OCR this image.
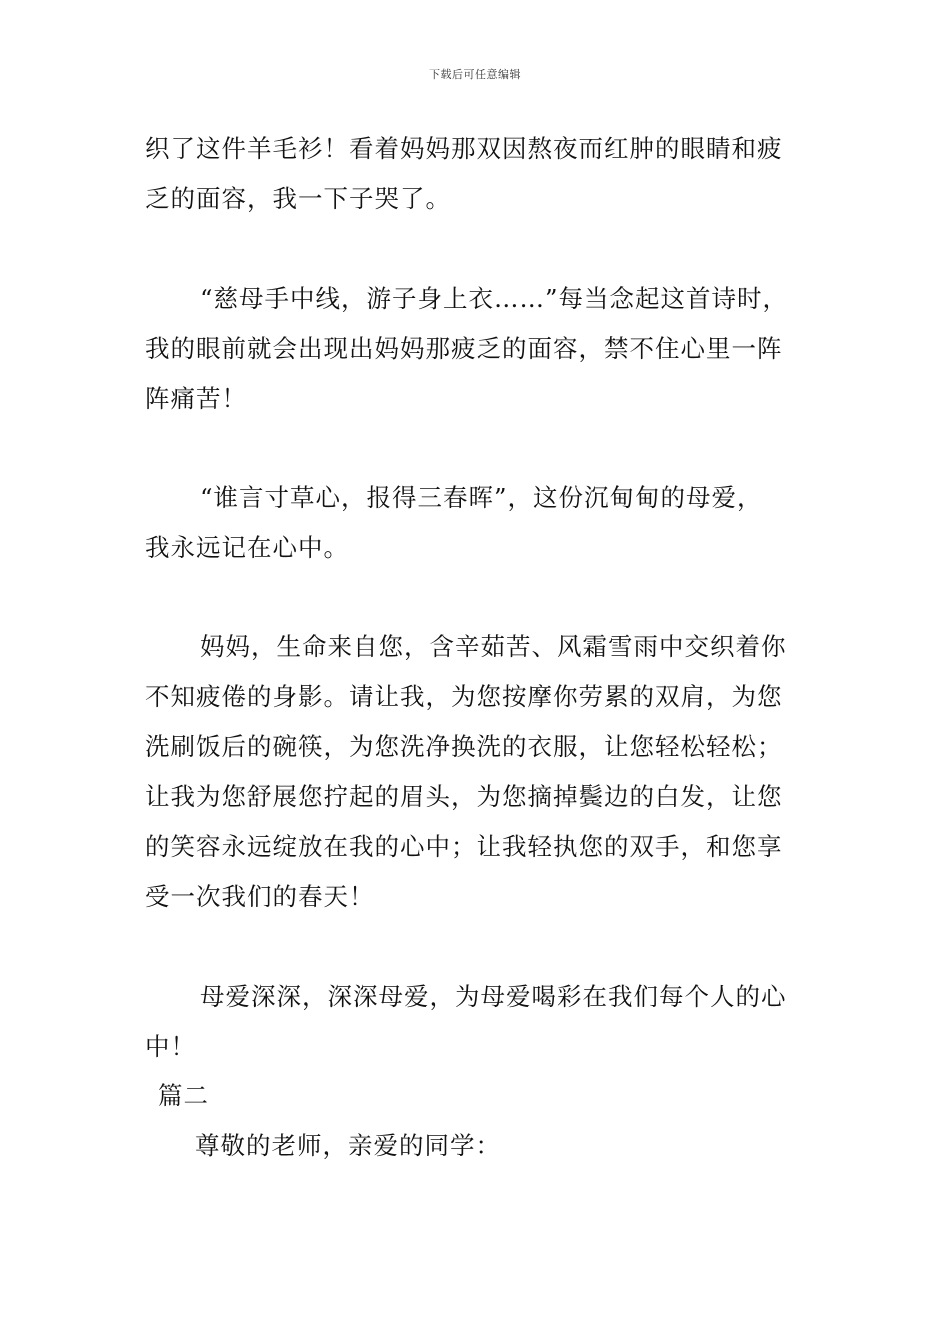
下载后可任意编辑
织了这件羊毛衫！看着妈妈那双因熬夜而红肿的眼睛和疲
乏的面容，我一下子哭了。
“慈母手中线，游子身上衣……”每当念起这首诗时，
我的眼前就会出现出妈妈那疲乏的面容，禁不住心里一阵
阵痛苦！
“谁言寸草心，报得三春晖”，这份沉甸甸的母爱，
我永远记在心中。
妈妈，生命来自您，含辛茹苦、风霜雪雨中交织着你
不知疲倦的身影。请让我，为您按摩你劳累的双肩，为您
洗刷饭后的碗筷，为您洗净换洗的衣服，让您轻松轻松；
让我为您舒展您拧起的眉头，为您摘掉鬓边的白发，让您
的笑容永远绽放在我的心中；让我轻执您的双手，和您享
受一次我们的春天！
母爱深深，深深母爱，为母爱喝彩在我们每个人的心
中！
篇二
尊敬的老师，亲爱的同学：
